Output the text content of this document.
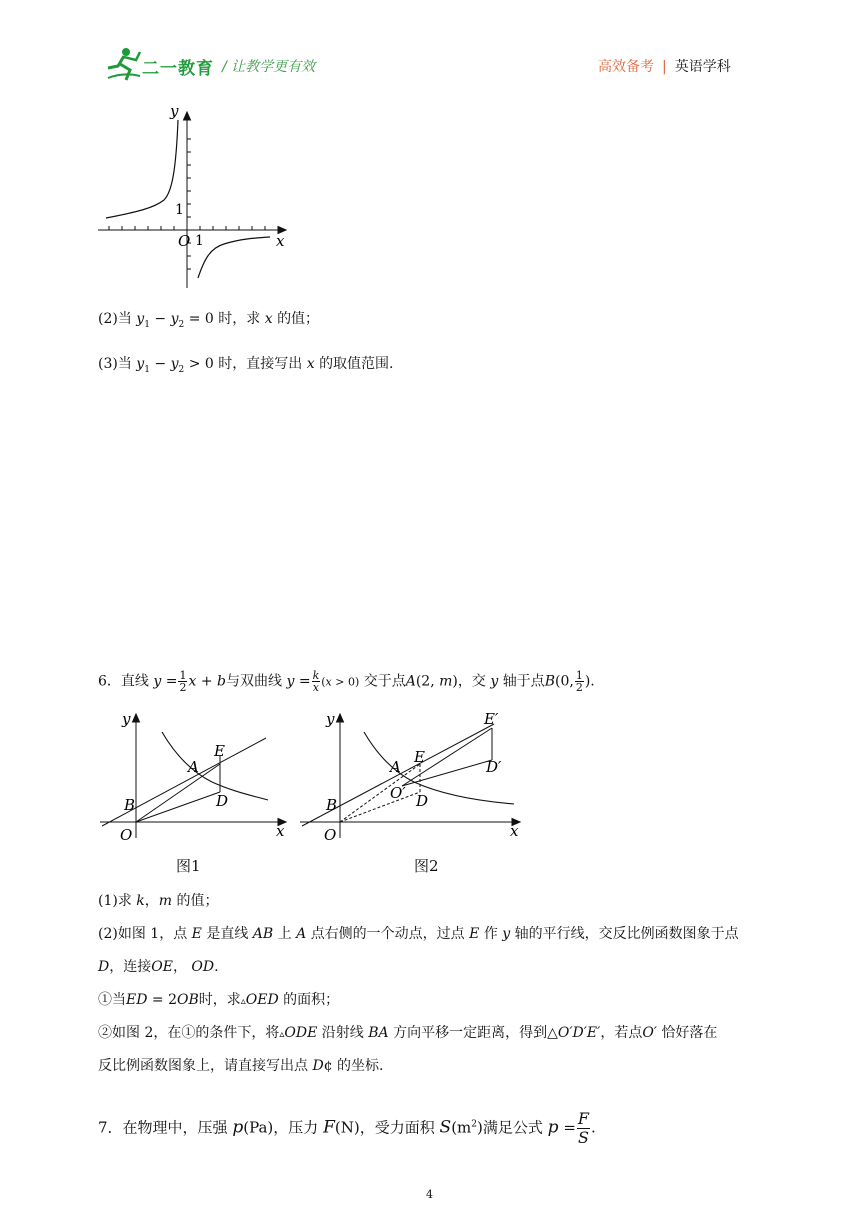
二一教育 / 让教学更有效	高效备考 | 英语学科
y
x
O 1
1
(2)当 $y_1 - y_2 = 0$ 时，求 x 的值；
(3)当 $y_1 - y_2 > 0$ 时，直接写出 x 的取值范围.
6．直线 $y = \frac{1}{2}$ x + b与双曲线 $y = \frac{k}{x} (x > 0)$ 交于点A(2, m)，交 y 轴于点B(0, $\frac{1}{2}$ ).
y
x
O
B
A
E
D
图1
y
x
O
B
A
E
D
O′
E′
D′
图2
(1)求 k，m 的值；
(2)如图 1，点 E 是直线 AB 上 A 点右侧的一个动点，过点 E 作 y 轴的平行线，交反比例函数图象于点
D，连接OE， OD.
①当ED = 2OB时，求▵OED 的面积；
②如图 2，在①的条件下，将▵ODE 沿射线 BA 方向平移一定距离，得到△O′D′E′，若点O′ 恰好落在
反比例函数图象上，请直接写出点 D¢ 的坐标.
7．在物理中，压强 p(Pa)，压力 F(N)，受力面积 $S(m^2)$满足公式 $p = \frac{F}{S}$ .
4
